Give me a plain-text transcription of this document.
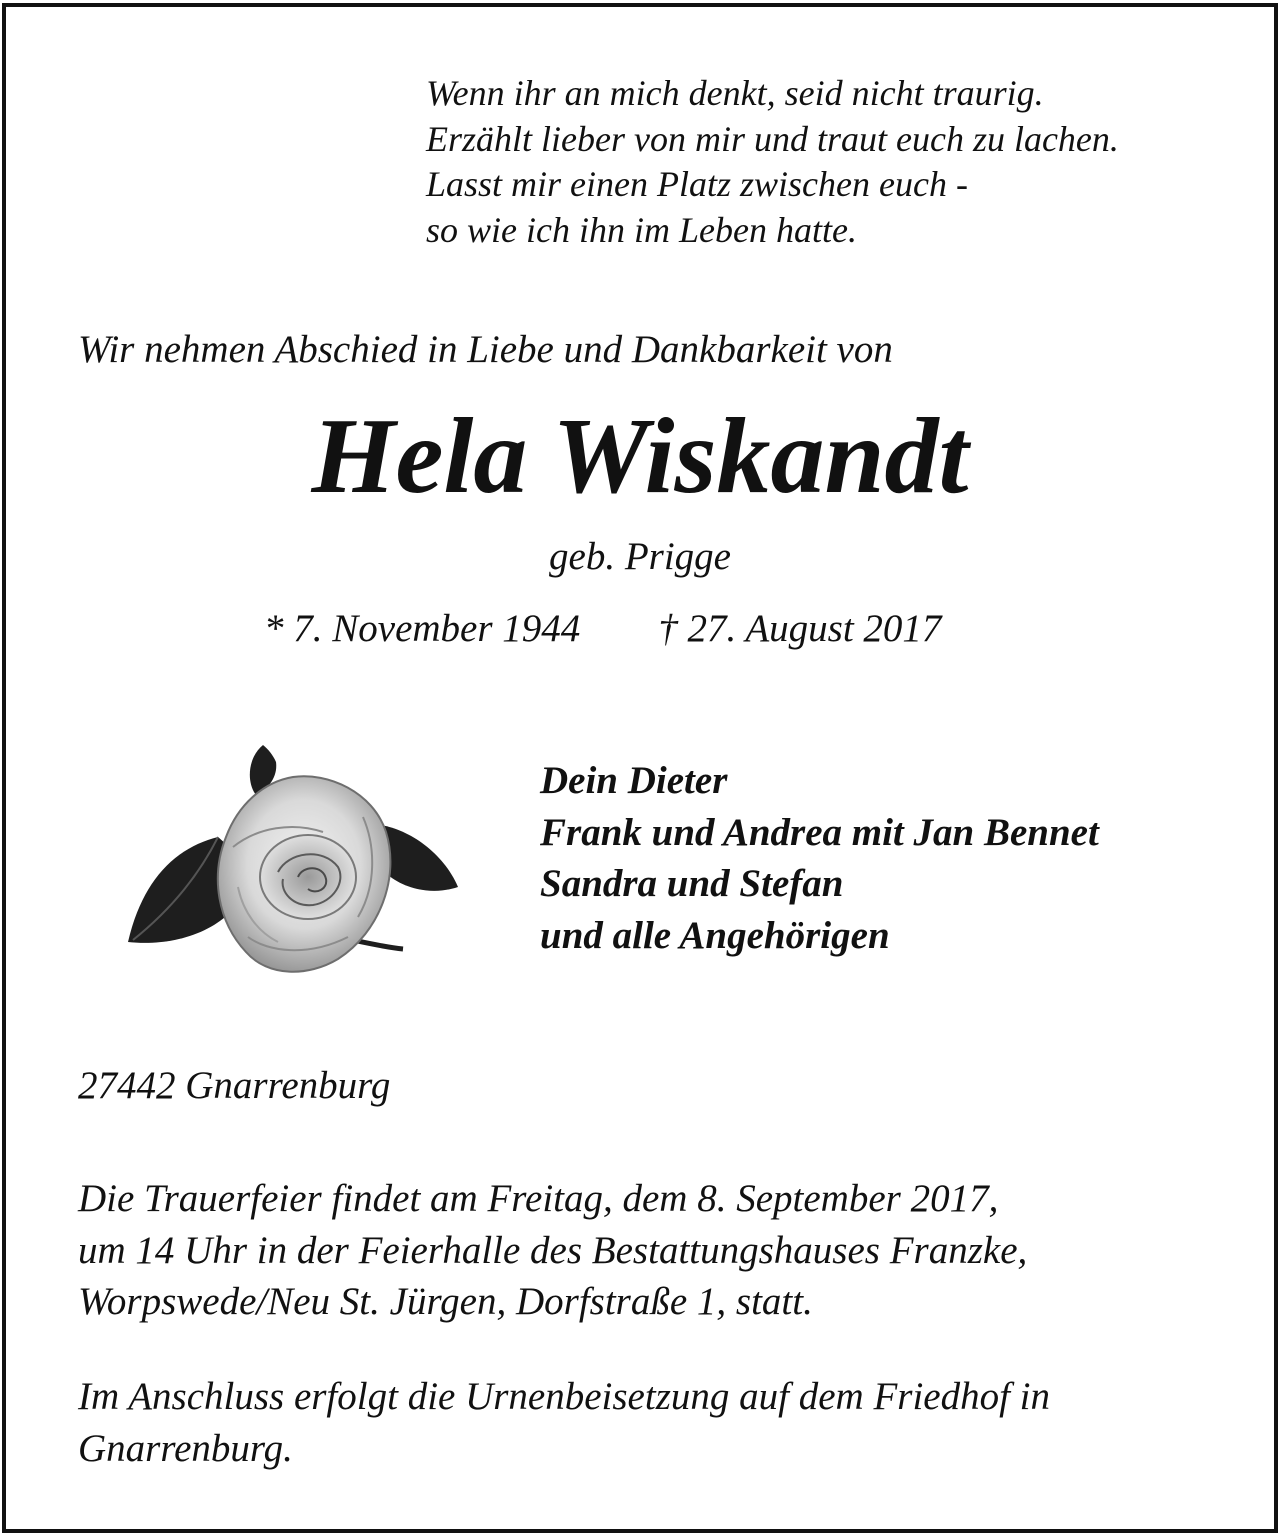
Wenn ihr an mich denkt, seid nicht traurig.
Erzählt lieber von mir und traut euch zu lachen.
Lasst mir einen Platz zwischen euch -
so wie ich ihn im Leben hatte.
Wir nehmen Abschied in Liebe und Dankbarkeit von
Hela Wiskandt
geb. Prigge
* 7. November 1944 † 27. August 2017
Dein Dieter
Frank und Andrea mit Jan Bennet
Sandra und Stefan
und alle Angehörigen
27442 Gnarrenburg
Die Trauerfeier findet am Freitag, dem 8. September 2017,
um 14 Uhr in der Feierhalle des Bestattungshauses Franzke,
Worpswede/Neu St. Jürgen, Dorfstraße 1, statt.
Im Anschluss erfolgt die Urnenbeisetzung auf dem Friedhof in
Gnarrenburg.
